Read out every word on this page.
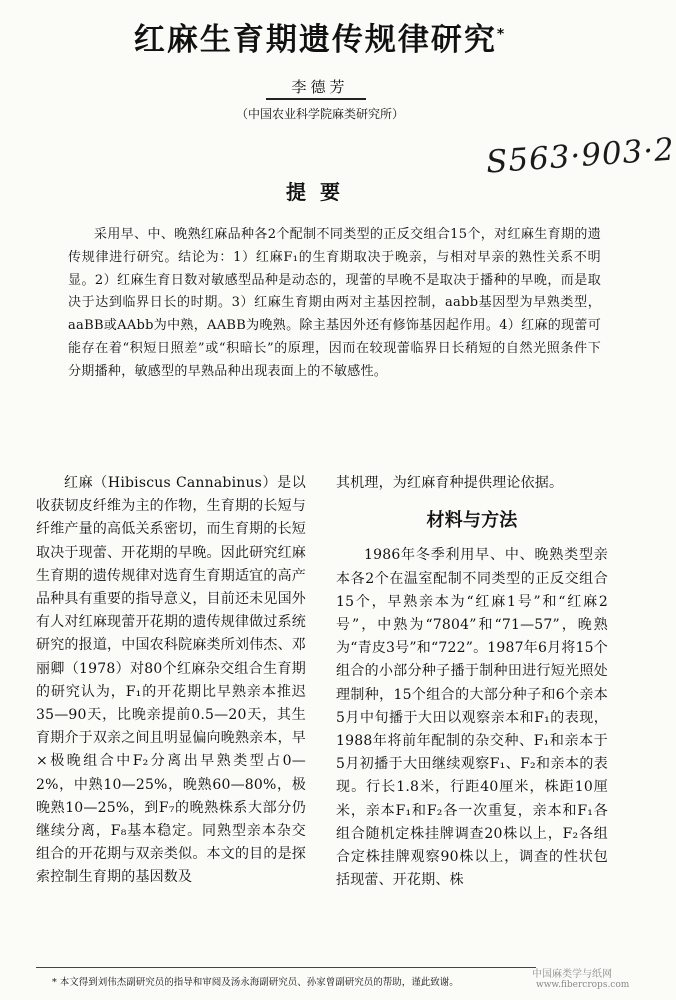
红麻生育期遗传规律研究*
李德芳
（中国农业科学院麻类研究所）
S563·903·2
提要

采用早、中、晚熟红麻品种各2个配制不同类型的正反交组合15个，对红麻生育期的遗传规律进行研究。结论为：1）红麻F₁的生育期取决于晚亲，与相对早亲的熟性关系不明显。2）红麻生育日数对敏感型品种是动态的，现蕾的早晚不是取决于播种的早晚，而是取决于达到临界日长的时期。3）红麻生育期由两对主基因控制，aabb基因型为早熟类型，aaBB或AAbb为中熟，AABB为晚熟。除主基因外还有修饰基因起作用。4）红麻的现蕾可能存在着“积短日照差”或“积暗长”的原理，因而在较现蕾临界日长稍短的自然光照条件下分期播种，敏感型的早熟品种出现表面上的不敏感性。

红麻（Hibiscus Cannabinus）是以收获韧皮纤维为主的作物，生育期的长短与纤维产量的高低关系密切，而生育期的长短取决于现蕾、开花期的早晚。因此研究红麻生育期的遗传规律对选育生育期适宜的高产品种具有重要的指导意义，目前还未见国外有人对红麻现蕾开花期的遗传规律做过系统研究的报道，中国农科院麻类所刘伟杰、邓丽卿（1978）对80个红麻杂交组合生育期的研究认为，F₁的开花期比早熟亲本推迟35—90天，比晚亲提前0.5—20天，其生育期介于双亲之间且明显偏向晚熟亲本，早×极晚组合中F₂分离出早熟类型占0—2%，中熟10—25%，晚熟60—80%，极晚熟10—25%，到F₇的晚熟株系大部分仍继续分离，F₈基本稳定。同熟型亲本杂交组合的开花期与双亲类似。本文的目的是探索控制生育期的基因数及

其机理，为红麻育种提供理论依据。

材料与方法

1986年冬季利用早、中、晚熟类型亲本各2个在温室配制不同类型的正反交组合15个，早熟亲本为“红麻1号”和“红麻2号”，中熟为“7804”和“71—57”，晚熟为“青皮3号”和“722”。1987年6月将15个组合的小部分种子播于制种田进行短光照处理制种，15个组合的大部分种子和6个亲本5月中旬播于大田以观察亲本和F₁的表现，1988年将前年配制的杂交种、F₁和亲本于5月初播于大田继续观察F₁、F₂和亲本的表现。行长1.8米，行距40厘米，株距10厘米，亲本F₁和F₂各一次重复，亲本和F₁各组合随机定株挂牌调查20株以上，F₂各组合定株挂牌观察90株以上，调查的性状包括现蕾、开花期、株

* 本文得到刘伟杰副研究员的指导和审阅及汤永海副研究员、孙家曾副研究员的帮助，谨此致谢。
中国麻类学与纸网
www.fibercrops.com
